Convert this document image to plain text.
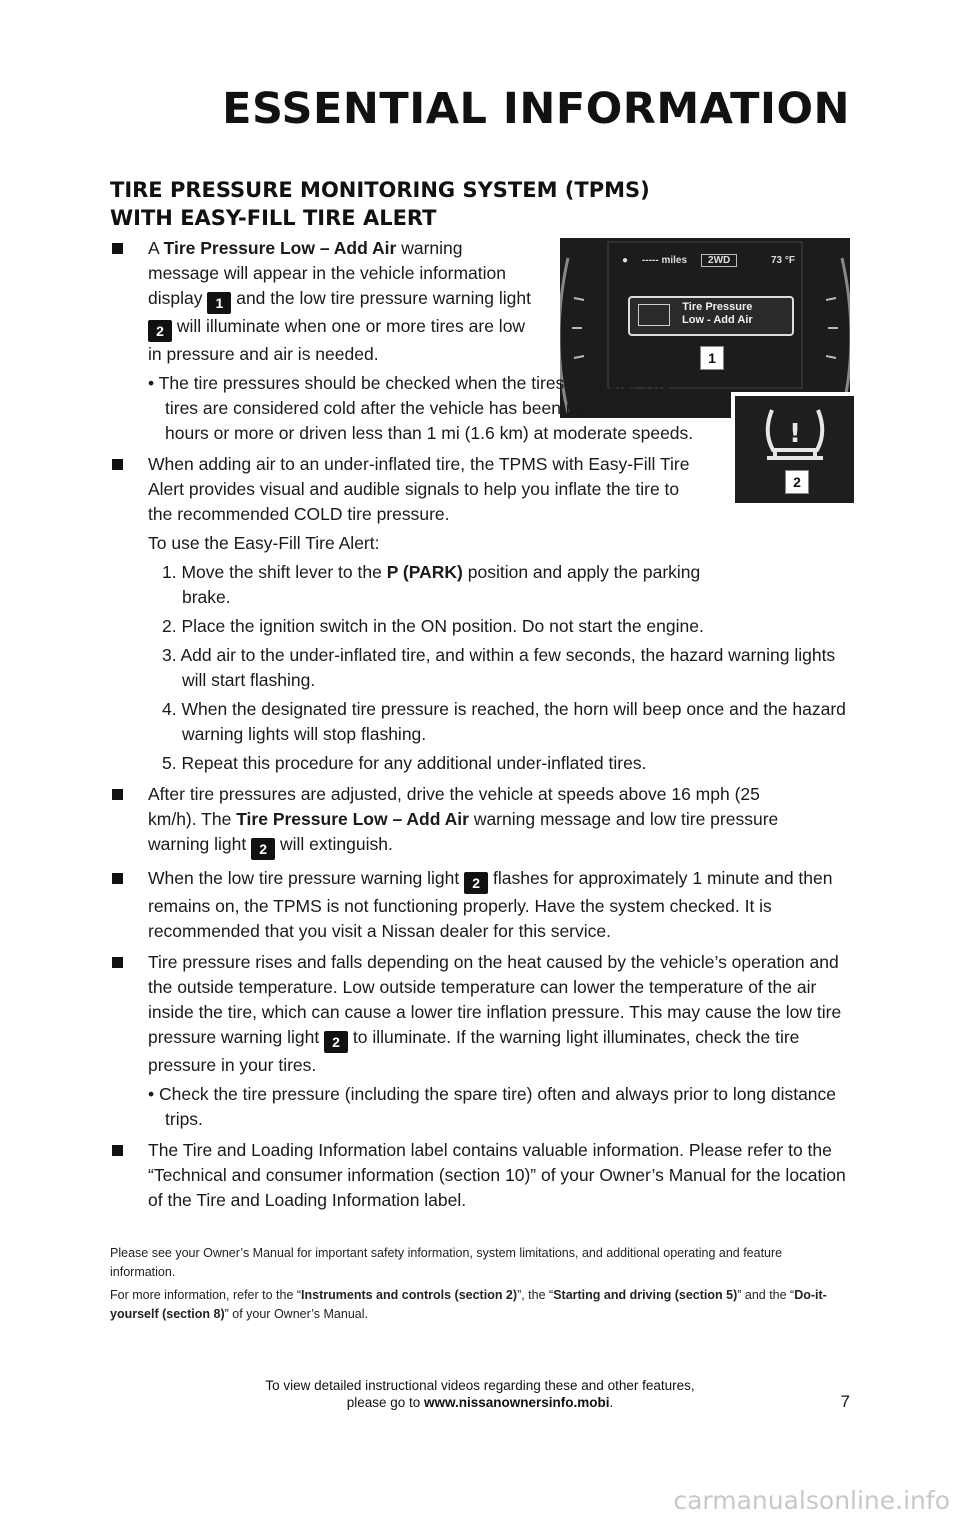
ESSENTIAL INFORMATION
TIRE PRESSURE MONITORING SYSTEM (TPMS)
WITH EASY-FILL TIRE ALERT
● ----- miles	2WD	73 °F
Tire Pressure
Low - Add Air
1
!
2

A Tire Pressure Low – Add Air warning message will appear in the vehicle information display 1 and the low tire pressure warning light 2 will illuminate when one or more tires are low in pressure and air is needed.

• The tire pressures should be checked when the tires are cold. The tires are considered cold after the vehicle has been parked for 3 hours or more or driven less than 1 mi (1.6 km) at moderate speeds.

When adding air to an under-inflated tire, the TPMS with Easy-Fill Tire Alert provides visual and audible signals to help you inflate the tire to the recommended COLD tire pressure.

To use the Easy-Fill Tire Alert:

1. Move the shift lever to the P (PARK) position and apply the parking brake.

2. Place the ignition switch in the ON position. Do not start the engine.

3. Add air to the under-inflated tire, and within a few seconds, the hazard warning lights will start flashing.

4. When the designated tire pressure is reached, the horn will beep once and the hazard warning lights will stop flashing.

5. Repeat this procedure for any additional under-inflated tires.

After tire pressures are adjusted, drive the vehicle at speeds above 16 mph (25 km/h). The Tire Pressure Low – Add Air warning message and low tire pressure warning light 2 will extinguish.

When the low tire pressure warning light 2 flashes for approximately 1 minute and then remains on, the TPMS is not functioning properly. Have the system checked. It is recommended that you visit a Nissan dealer for this service.

Tire pressure rises and falls depending on the heat caused by the vehicle’s operation and the outside temperature. Low outside temperature can lower the temperature of the air inside the tire, which can cause a lower tire inflation pressure. This may cause the low tire pressure warning light 2 to illuminate. If the warning light illuminates, check the tire pressure in your tires.

• Check the tire pressure (including the spare tire) often and always prior to long distance trips.

The Tire and Loading Information label contains valuable information. Please refer to the “Technical and consumer information (section 10)” of your Owner’s Manual for the location of the Tire and Loading Information label.

Please see your Owner’s Manual for important safety information, system limitations, and additional operating and feature information.

For more information, refer to the “Instruments and controls (section 2)”, the “Starting and driving (section 5)” and the “Do-it-yourself (section 8)” of your Owner’s Manual.

To view detailed instructional videos regarding these and other features,
please go to www.nissanownersinfo.mobi.	7
carmanualsonline.info
